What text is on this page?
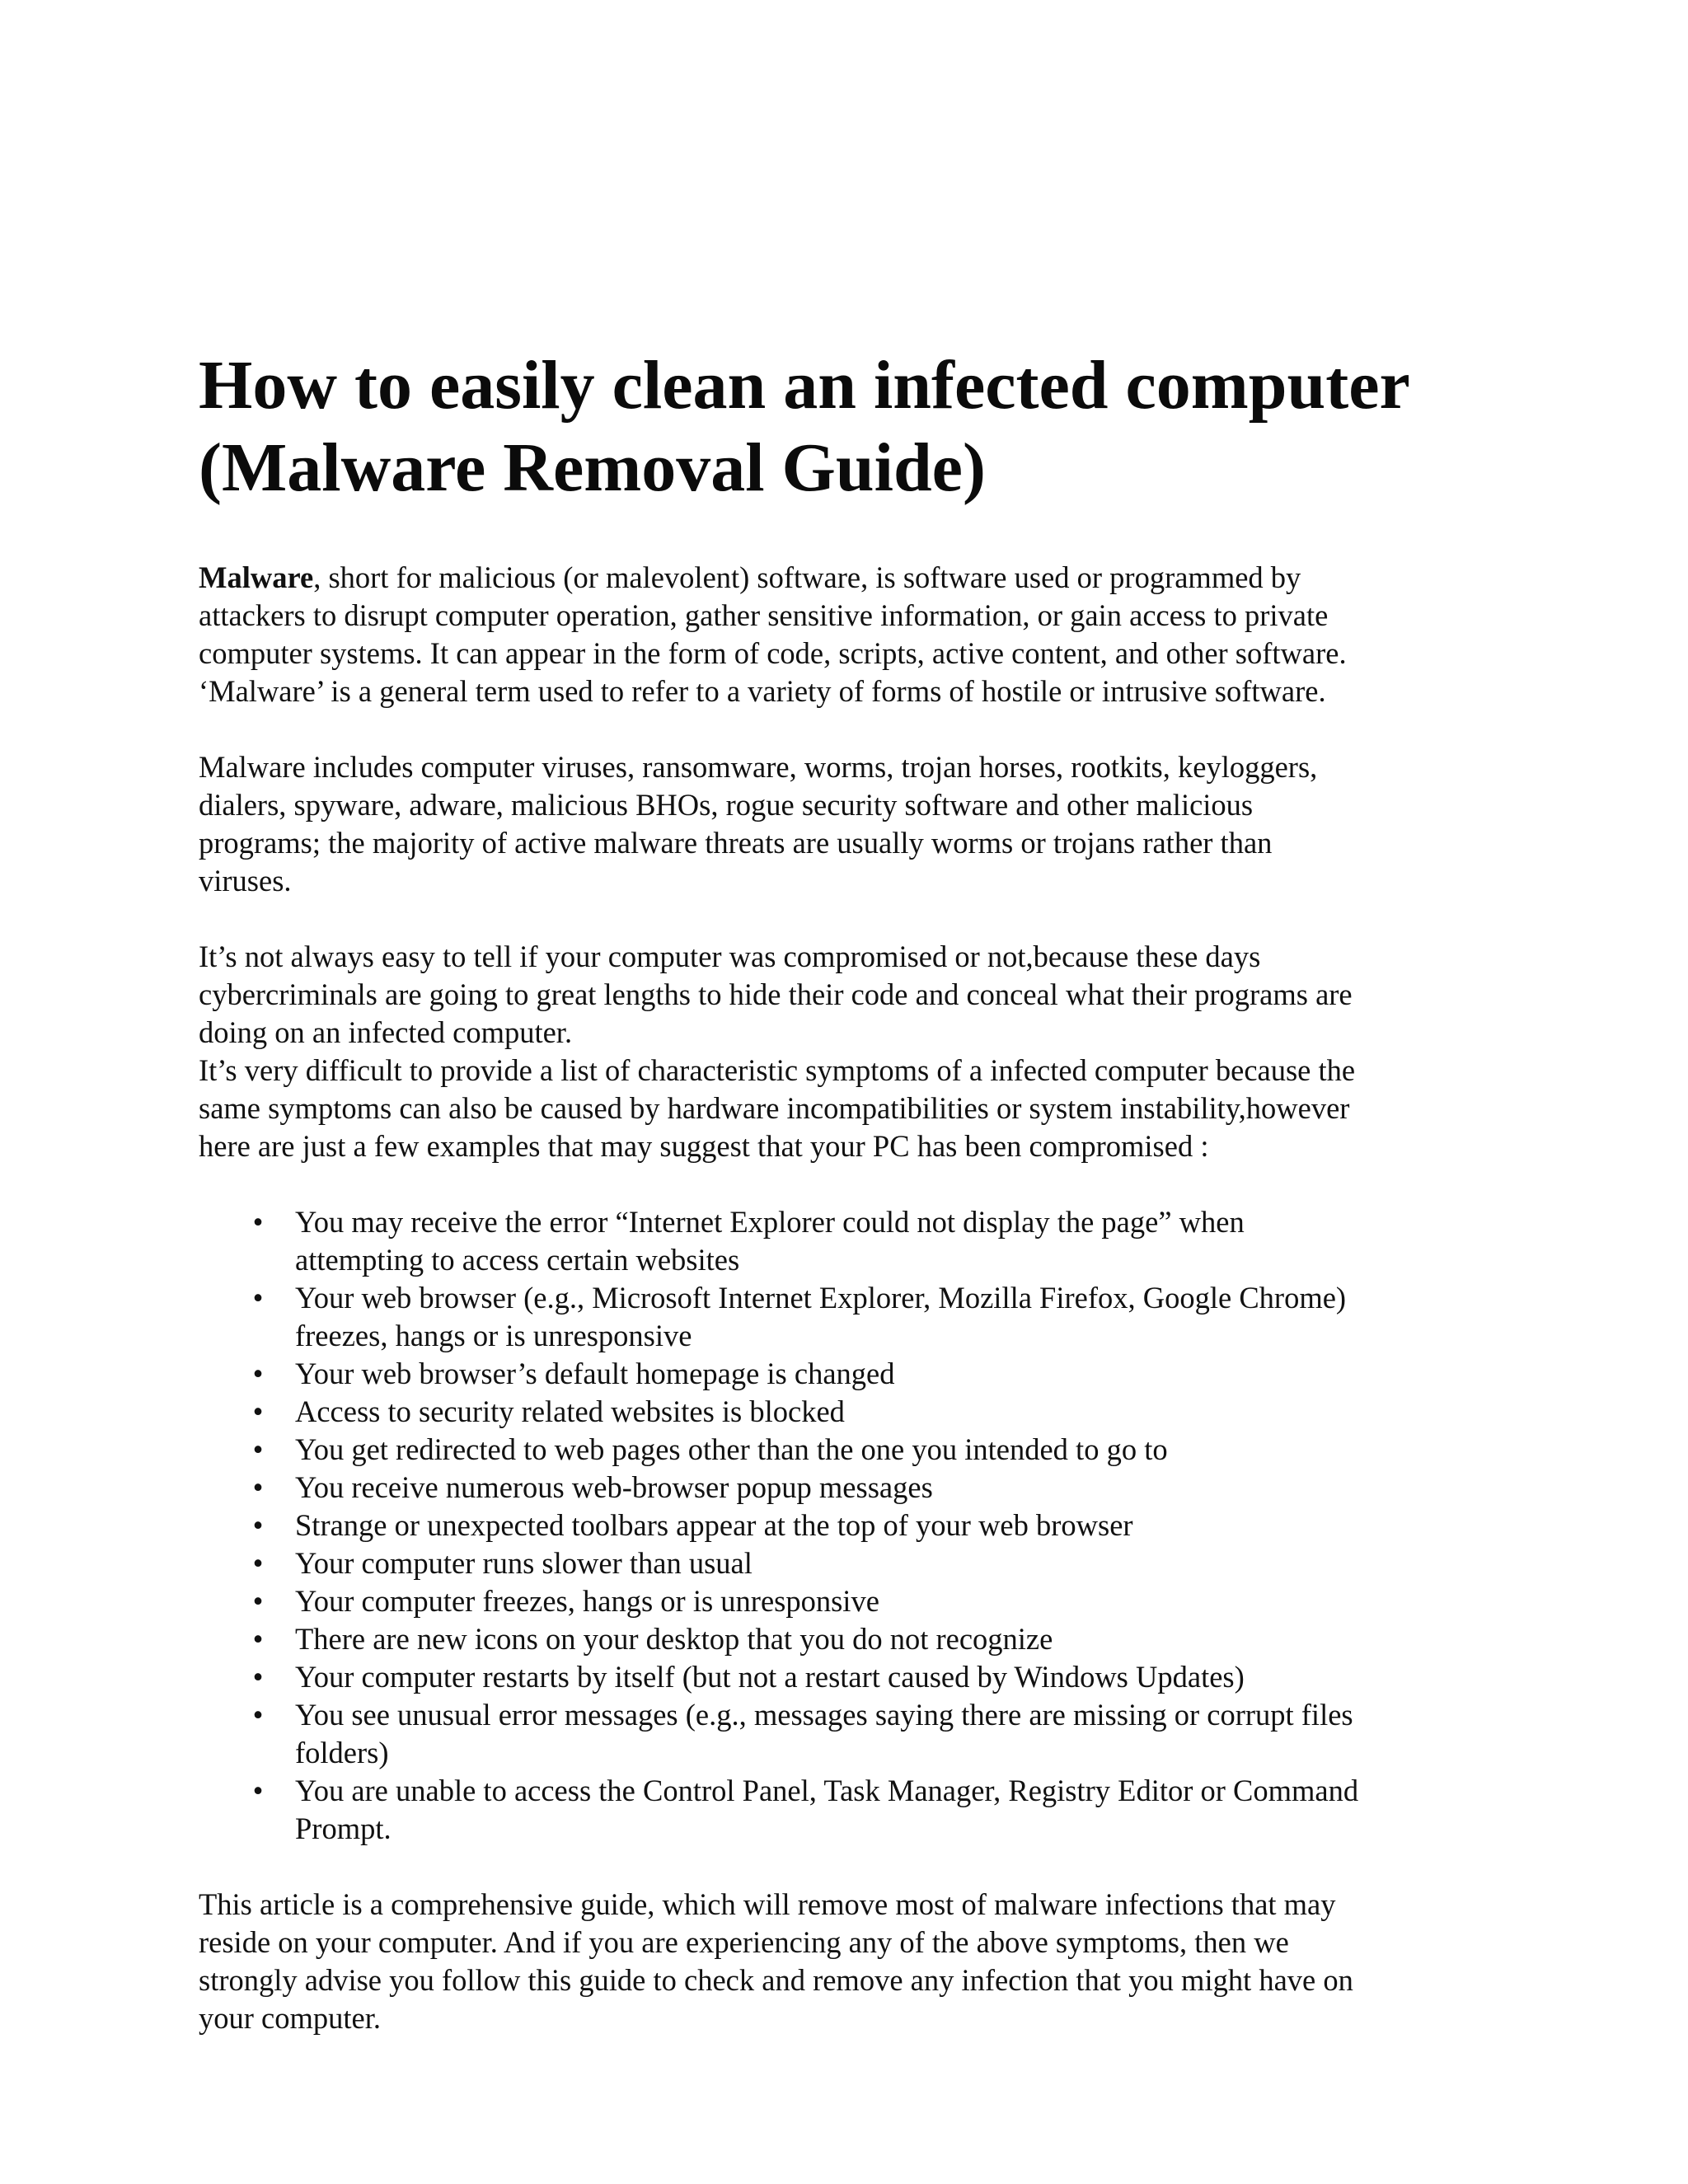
How to easily clean an infected computer
(Malware Removal Guide)

Malware, short for malicious (or malevolent) software, is software used or programmed by
attackers to disrupt computer operation, gather sensitive information, or gain access to private
computer systems. It can appear in the form of code, scripts, active content, and other software.
‘Malware’ is a general term used to refer to a variety of forms of hostile or intrusive software.

Malware includes computer viruses, ransomware, worms, trojan horses, rootkits, keyloggers,
dialers, spyware, adware, malicious BHOs, rogue security software and other malicious
programs; the majority of active malware threats are usually worms or trojans rather than
viruses.

It’s not always easy to tell if your computer was compromised or not,because these days
cybercriminals are going to great lengths to hide their code and conceal what their programs are
doing on an infected computer.

It’s very difficult to provide a list of characteristic symptoms of a infected computer because the
same symptoms can also be caused by hardware incompatibilities or system instability,however
here are just a few examples that may suggest that your PC has been compromised :

• You may receive the error “Internet Explorer could not display the page” when
attempting to access certain websites
• Your web browser (e.g., Microsoft Internet Explorer, Mozilla Firefox, Google Chrome)
freezes, hangs or is unresponsive
• Your web browser’s default homepage is changed
• Access to security related websites is blocked
• You get redirected to web pages other than the one you intended to go to
• You receive numerous web-browser popup messages
• Strange or unexpected toolbars appear at the top of your web browser
• Your computer runs slower than usual
• Your computer freezes, hangs or is unresponsive
• There are new icons on your desktop that you do not recognize
• Your computer restarts by itself (but not a restart caused by Windows Updates)
• You see unusual error messages (e.g., messages saying there are missing or corrupt files
folders)
• You are unable to access the Control Panel, Task Manager, Registry Editor or Command
Prompt.

This article is a comprehensive guide, which will remove most of malware infections that may
reside on your computer. And if you are experiencing any of the above symptoms, then we
strongly advise you follow this guide to check and remove any infection that you might have on
your computer.
